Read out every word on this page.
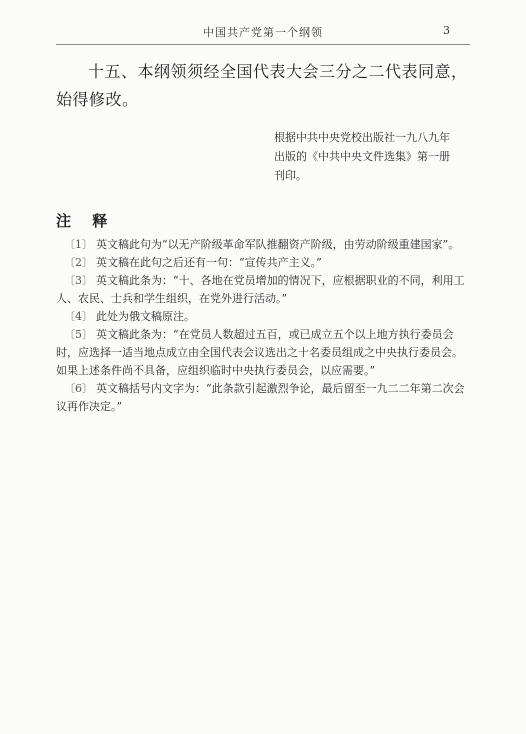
中国共产党第一个纲领	3

十五、本纲领须经全国代表大会三分之二代表同意，始得修改。

根据中共中央党校出版社一九八九年
出版的《中共中央文件选集》第一册
刊印。
注 释

〔1〕 英文稿此句为“以无产阶级革命军队推翻资产阶级，由劳动阶级重建国家”。

〔2〕 英文稿在此句之后还有一句：“宣传共产主义。”

〔3〕 英文稿此条为：“十、各地在党员增加的情况下，应根据职业的不同，利用工人、农民、士兵和学生组织，在党外进行活动。”

〔4〕 此处为俄文稿原注。

〔5〕 英文稿此条为：“在党员人数超过五百，或已成立五个以上地方执行委员会时，应选择一适当地点成立由全国代表会议选出之十名委员组成之中央执行委员会。如果上述条件尚不具备，应组织临时中央执行委员会，以应需要。”

〔6〕 英文稿括号内文字为：“此条款引起激烈争论，最后留至一九二二年第二次会议再作决定。”
